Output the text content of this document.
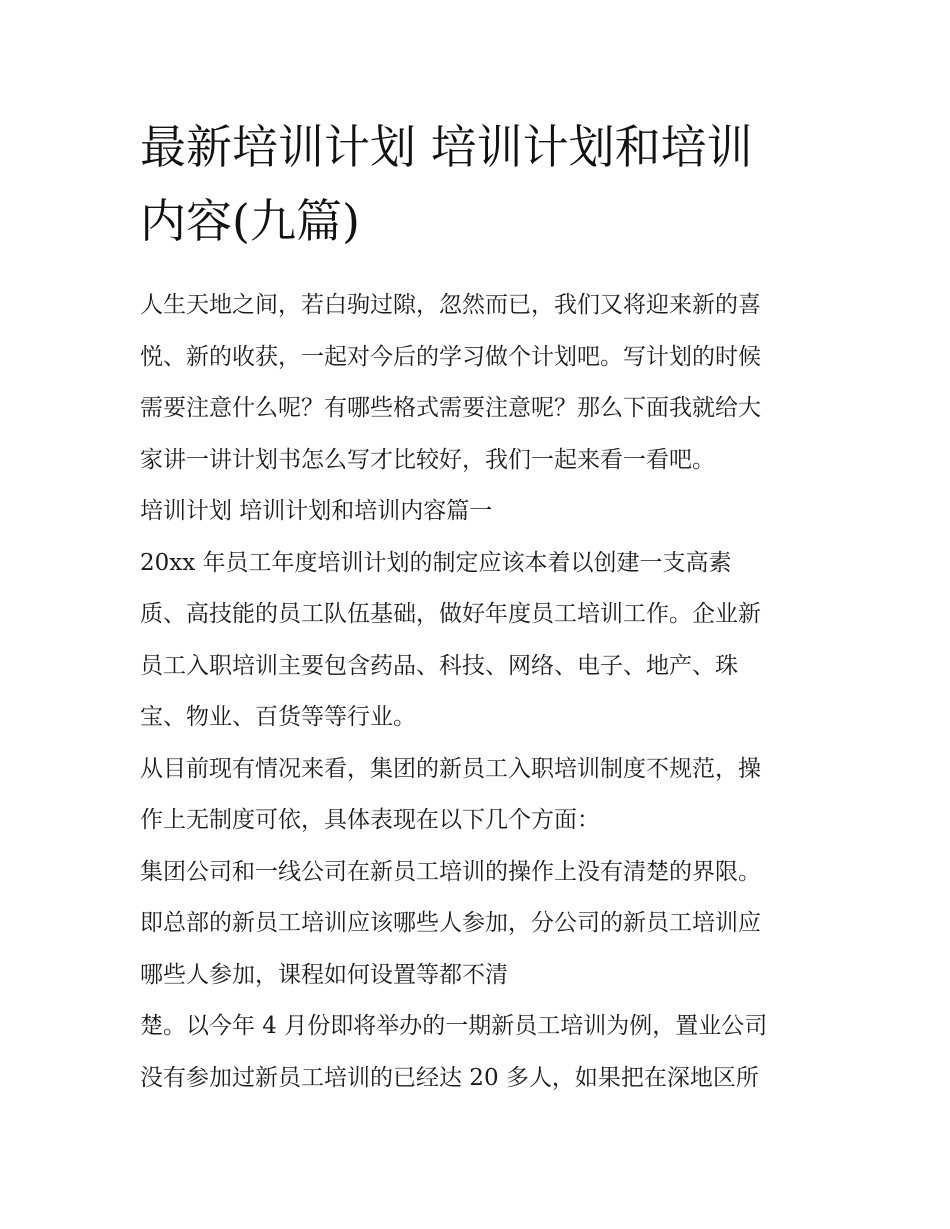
最新培训计划 培训计划和培训
内容(九篇)
人生天地之间，若白驹过隙，忽然而已，我们又将迎来新的喜
悦、新的收获，一起对今后的学习做个计划吧。写计划的时候
需要注意什么呢？有哪些格式需要注意呢？那么下面我就给大
家讲一讲计划书怎么写才比较好，我们一起来看一看吧。
培训计划 培训计划和培训内容篇一
20xx 年员工年度培训计划的制定应该本着以创建一支高素
质、高技能的员工队伍基础，做好年度员工培训工作。企业新
员工入职培训主要包含药品、科技、网络、电子、地产、珠
宝、物业、百货等等行业。
从目前现有情况来看，集团的新员工入职培训制度不规范，操
作上无制度可依，具体表现在以下几个方面：
集团公司和一线公司在新员工培训的操作上没有清楚的界限。
即总部的新员工培训应该哪些人参加，分公司的新员工培训应
哪些人参加，课程如何设置等都不清
楚。以今年 4 月份即将举办的一期新员工培训为例，置业公司
没有参加过新员工培训的已经达 20 多人，如果把在深地区所
